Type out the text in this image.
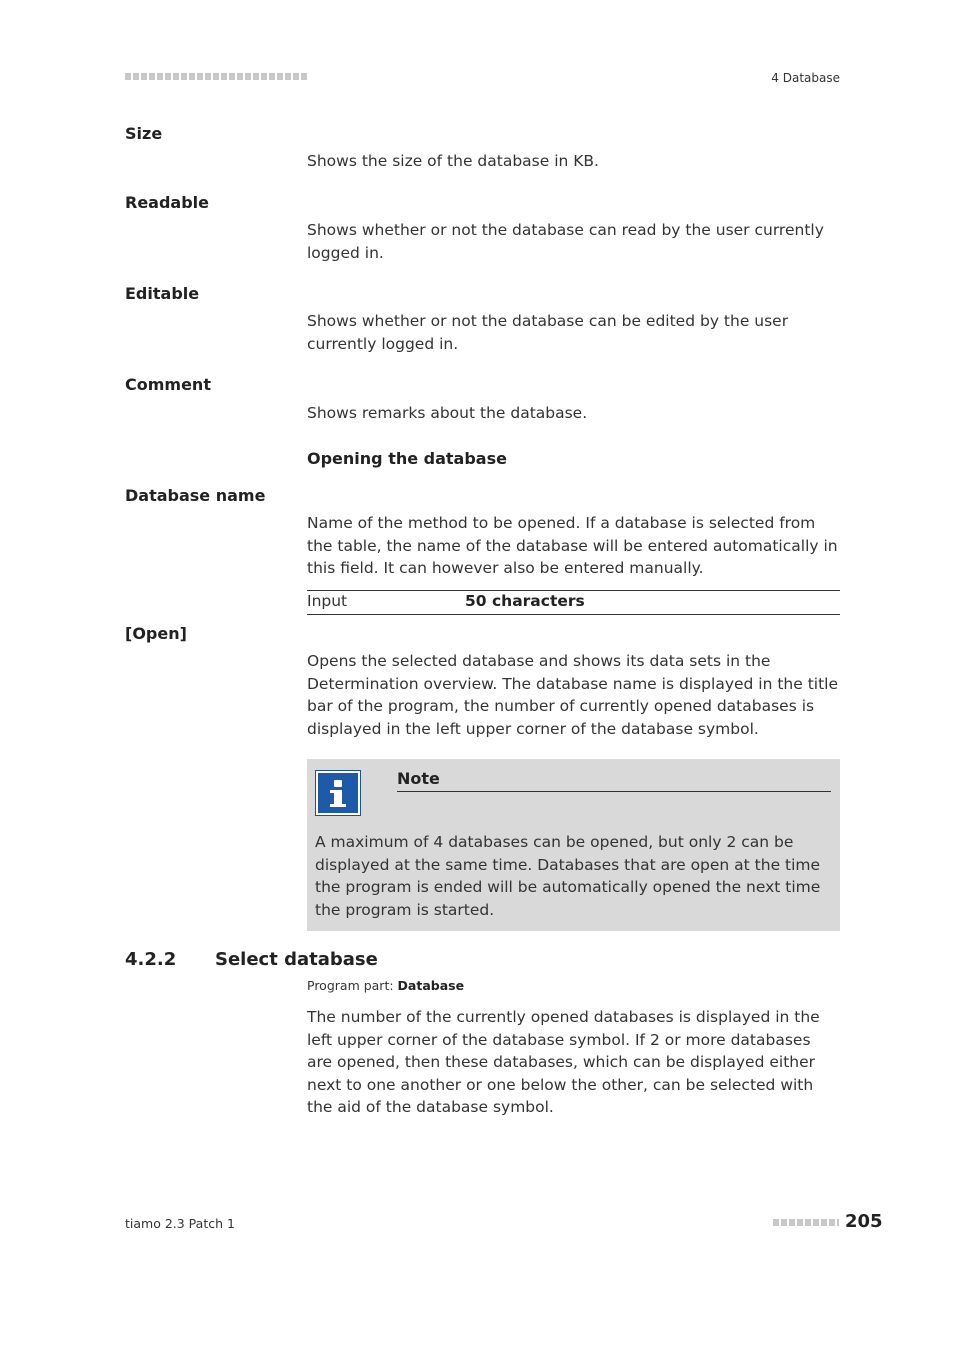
4 Database
Size
Shows the size of the database in KB.
Readable
Shows whether or not the database can read by the user currently logged in.
Editable
Shows whether or not the database can be edited by the user currently logged in.
Comment
Shows remarks about the database.
Opening the database
Database name
Name of the method to be opened. If a database is selected from the table, the name of the database will be entered automatically in this field. It can however also be entered manually.
Input	50 characters
[Open]
Opens the selected database and shows its data sets in the Determination overview. The database name is displayed in the title bar of the program, the number of currently opened databases is displayed in the left upper corner of the database symbol.
Note
A maximum of 4 databases can be opened, but only 2 can be displayed at the same time. Databases that are open at the time the program is ended will be automatically opened the next time the program is started.
4.2.2 Select database
Program part: Database
The number of the currently opened databases is displayed in the left upper corner of the database symbol. If 2 or more databases are opened, then these databases, which can be displayed either next to one another or one below the other, can be selected with the aid of the database symbol.
tiamo 2.3 Patch 1	205
